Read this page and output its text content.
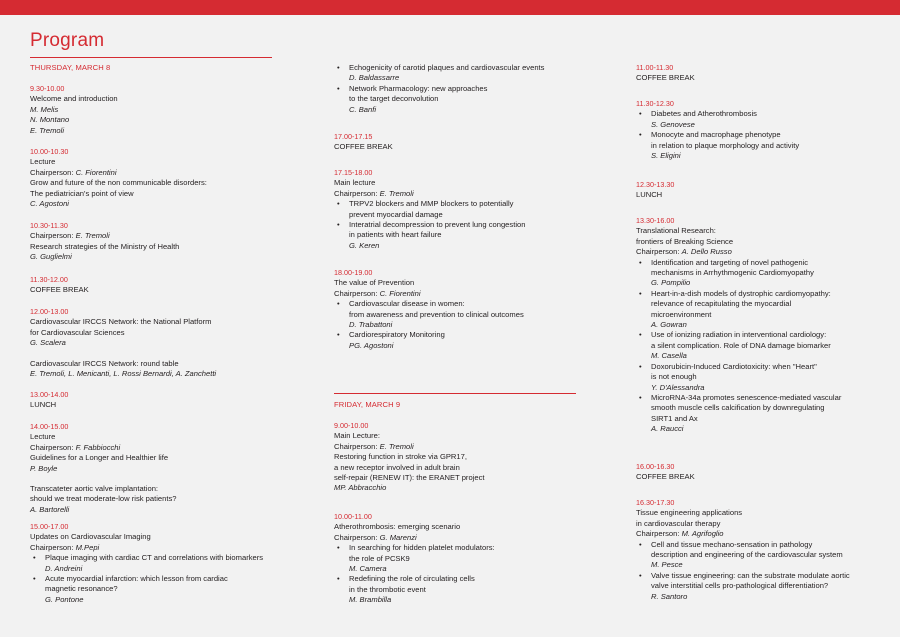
Program
THURSDAY, MARCH 8
FRIDAY, MARCH 9
9.30-10.00
Welcome and introduction
M. Melis
N. Montano
E. Tremoli
10.00-10.30
Lecture
Chairperson: C. Fiorentini
Grow and future of the non communicable disorders:
The pediatrician's point of view
C. Agostoni
10.30-11.30
Chairperson: E. Tremoli
Research strategies of the Ministry of Health
G. Guglielmi
11.30-12.00
COFFEE BREAK
12.00-13.00
Cardiovascular IRCCS Network: the National Platform
for Cardiovascular Sciences
G. Scalera
Cardiovascular IRCCS Network: round table
E. Tremoli, L. Menicanti, L. Rossi Bernardi, A. Zanchetti
13.00-14.00
LUNCH
14.00-15.00
Lecture
Chairperson: F. Fabbiocchi
Guidelines for a Longer and Healthier life
P. Boyle
Transcateter aortic valve implantation:
should we treat moderate-low risk patients?
A. Bartorelli
15.00-17.00
Updates on Cardiovascular Imaging
Chairperson: M.Pepi
• Plaque imaging with cardiac CT and correlations with biomarkers
D. Andreini
• Acute myocardial infarction: which lesson from cardiac
magnetic resonance?
G. Pontone
• Echogenicity of carotid plaques and cardiovascular events
D. Baldassarre
• Network Pharmacology: new approaches
to the target deconvolution
C. Banfi
17.00-17.15
COFFEE BREAK
17.15-18.00
Main lecture
Chairperson: E. Tremoli
• TRPV2 blockers and MMP blockers to potentially
prevent myocardial damage
• Interatrial decompression to prevent lung congestion
in patients with heart failure
G. Keren
18.00-19.00
The value of Prevention
Chairperson: C. Fiorentini
• Cardiovascular disease in women:
from awareness and prevention to clinical outcomes
D. Trabattoni
• Cardiorespiratory Monitoring
PG. Agostoni
9.00-10.00
Main Lecture:
Chairperson: E. Tremoli
Restoring function in stroke via GPR17,
a new receptor involved in adult brain
self-repair (RENEW IT): the ERANET project
MP. Abbracchio
10.00-11.00
Atherothrombosis: emerging scenario
Chairperson: G. Marenzi
• In searching for hidden platelet modulators:
the role of PCSK9
M. Camera
• Redefining the role of circulating cells
in the thrombotic event
M. Brambilla
11.00-11.30
COFFEE BREAK
11.30-12.30
• Diabetes and Atherothrombosis
S. Genovese
• Monocyte and macrophage phenotype
in relation to plaque morphology and activity
S. Eligini
12.30-13.30
LUNCH
13.30-16.00
Translational Research:
frontiers of Breaking Science
Chairperson: A. Dello Russo
• Identification and targeting of novel pathogenic
mechanisms in Arrhythmogenic Cardiomyopathy
G. Pompilio
• Heart-in-a-dish models of dystrophic cardiomyopathy:
relevance of recapitulating the myocardial
microenvironment
A. Gowran
• Use of ionizing radiation in interventional cardiology:
a silent complication. Role of DNA damage biomarker
M. Casella
• Doxorubicin-Induced Cardiotoxicity: when "Heart"
is not enough
Y. D'Alessandra
• MicroRNA-34a promotes senescence-mediated vascular
smooth muscle cells calcification by downregulating
SIRT1 and Ax
A. Raucci
16.00-16.30
COFFEE BREAK
16.30-17.30
Tissue engineering applications
in cardiovascular therapy
Chairperson: M. Agrifoglio
• Cell and tissue mechano-sensation in pathology
description and engineering of the cardiovascular system
M. Pesce
• Valve tissue engineering: can the substrate modulate aortic
valve interstitial cells pro-pathological differentiation?
R. Santoro
